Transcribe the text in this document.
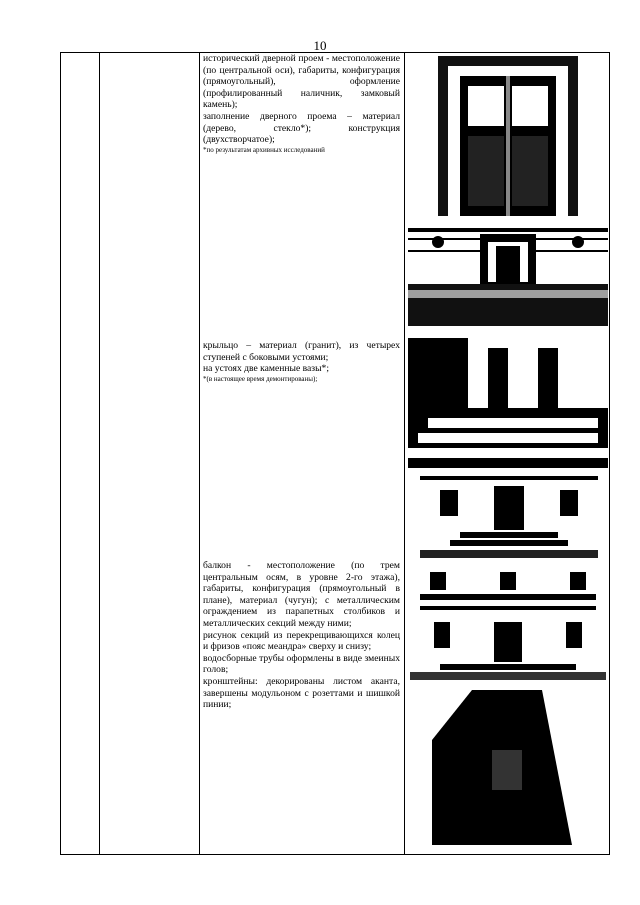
10

исторический дверной проем - местоположение (по центральной оси), габариты, конфигурация (прямоугольный), оформление (профилированный наличник, замковый камень);

заполнение дверного проема – материал (дерево, стекло*); конструкция (двухстворчатое);

*по результатам архивных исследований

крыльцо – материал (гранит), из четырех ступеней с боковыми устоями;

на устоях две каменные вазы*;

*(в настоящее время демонтированы);

балкон - местоположение (по трем центральным осям, в уровне 2-го этажа), габариты, конфигурация (прямоугольный в плане), материал (чугун); с металлическим ограждением из парапетных столбиков и металлических секций между ними;

рисунок секций из перекрещивающихся колец и фризов «пояс меандра» сверху и снизу;

водосборные трубы оформлены в виде змеиных голов;

кронштейны: декорированы листом аканта, завершены модульоном с розеттами и шишкой пинии;
